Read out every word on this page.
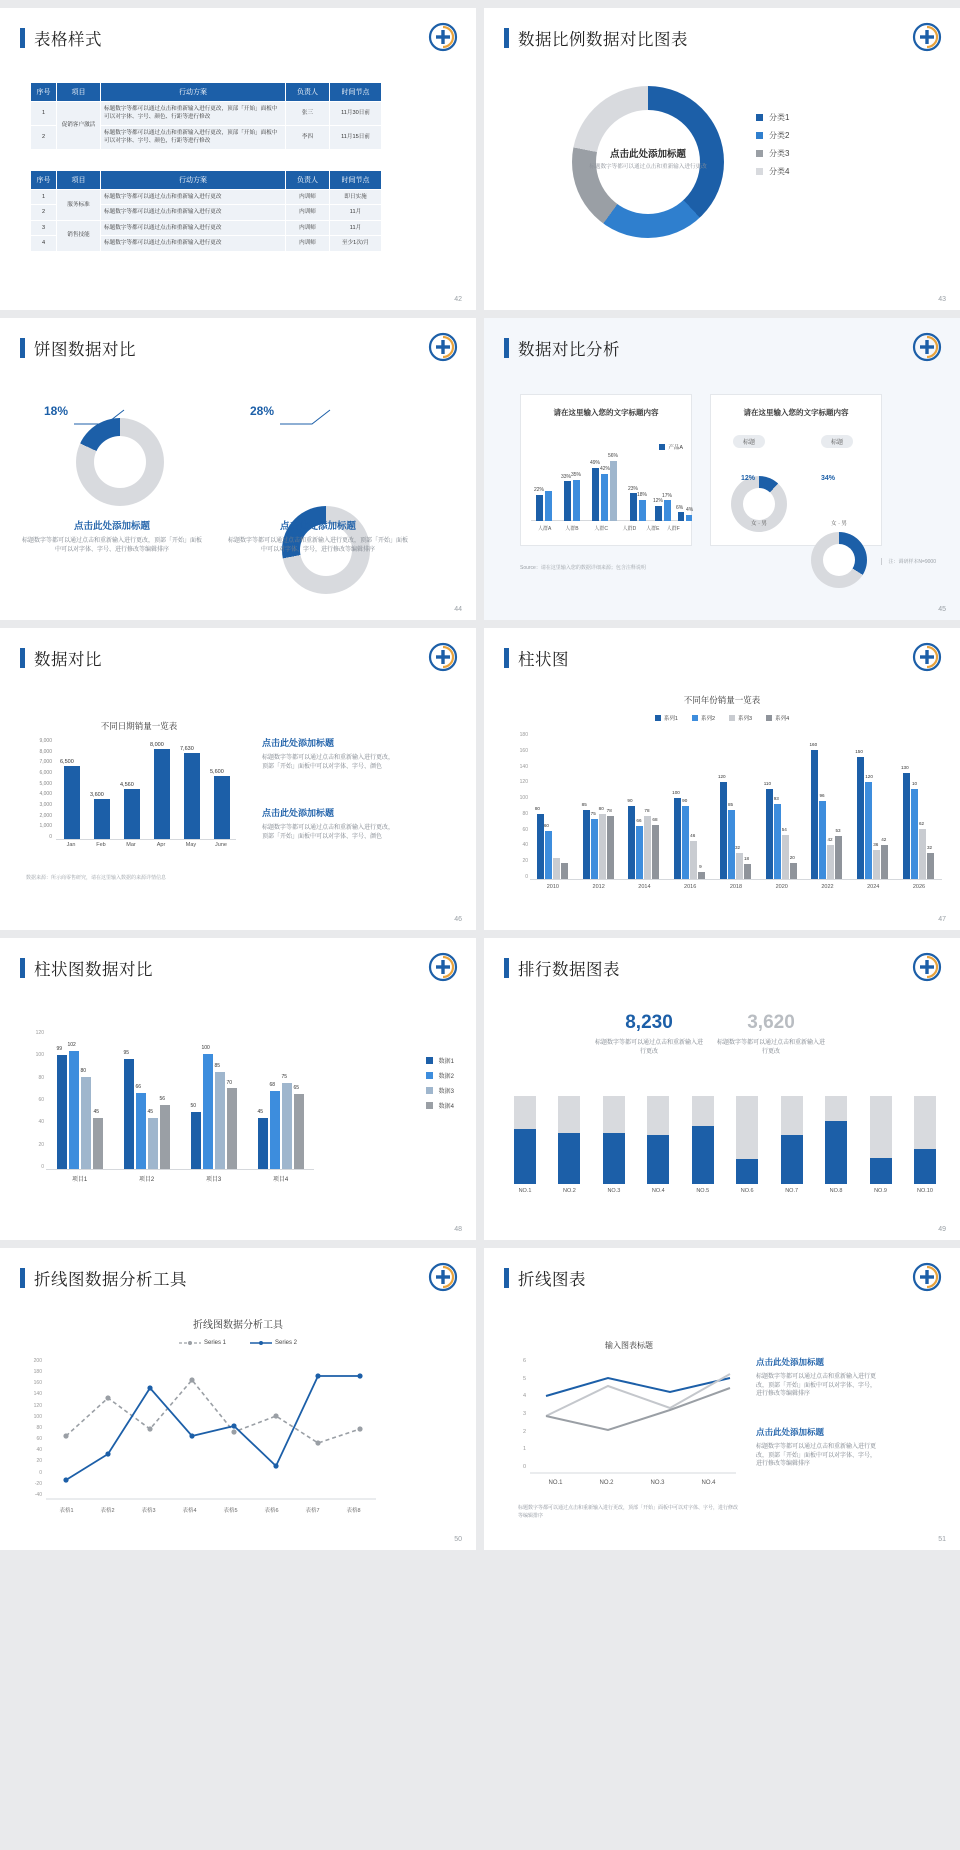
表格样式
序号	项目	行动方案	负责人	时间节点
1	促销客户激活	标题数字等都可以通过点击和重新输入进行更改，顶部「开始」面板中可以对字体、字号、颜色、行距等进行修改	张三	11月30日前
2		标题数字等都可以通过点击和重新输入进行更改，顶部「开始」面板中可以对字体、字号、颜色，行距等进行修改	李四	11月15日前
序号	项目	行动方案	负责人	时间节点
1	服务标准	标题数字等都可以通过点击和重新输入进行更改	内训师	即日实施
2		标题数字等都可以通过点击和重新输入进行更改	内训师	11月
3	销售技能	标题数字等都可以通过点击和重新输入进行更改	内训师	11月
4		标题数字等都可以通过点击和重新输入进行更改	内训师	至少1次/月
42
数据比例数据对比图表
点击此处添加标题
标题数字等都可以通过点击和重新输入进行更改
分类1
分类2
分类3
分类4
43
饼图数据对比
18%
点击此处添加标题
标题数字等都可以通过点击和重新输入进行更改，顶部「开始」面板中可以对字体、字号、进行修改等编辑排序
28%
点击此处添加标题
标题数字等都可以通过点击和重新输入进行更改，顶部「开始」面板中可以对字体、字号，进行修改等编辑排序
44
数据对比分析
请在这里输入您的文字标题内容
22%
33% 35%
49%
42%
56%
23%
18%
12%
17%
6% 4%
人群A	人群B	人群C	人群D	人群E	人群F
产品A
请在这里输入您的文字标题内容
标题	标题
12%	34%
女 · 男	女 · 男
Source：请在这里输入您的数据详细来源；包含注释说明
注：调研样本N=9000
45
数据对比
不同日期销量一览表
9,000
8,000
7,000
6,000
5,000
4,000
3,000
2,000
1,000
0
6,500
3,600
4,560
8,000
7,630
5,600
Jan	Feb	Mar	Apr	May	June
数据来源：所示商零售研究，请在这里输入数据的来源详情信息
点击此处添加标题
标题数字等都可以通过点击和重新输入进行更改，顶部「开始」面板中可以对字体、字号、颜色
点击此处添加标题
标题数字等都可以通过点击和重新输入进行更改，顶部「开始」面板中可以对字体、字号、颜色
46
柱状图
不同年份销量一览表
系列1	系列2	系列3	系列4
0
20
40
60
80
100
120
140
160
180
80
60
85
75
80 78
90
66
78
68
100
90
46
9
120
85
32
18
110
93
54
20
160
96
42
53
150
120
36
42
130
10
62
32
2010	2012	2014	2016	2018	2020	2022	2024	2026
47
柱状图数据对比
0
20
40
60
80
100
120
99
102
80
45
95
66
45
56
50
100
85
70
45
68
75
65
项目1	项目2	项目3	项目4
数据1
数据2
数据3
数据4
48
排行数据图表
8,230
标题数字等都可以通过点击和重新输入进行更改
3,620
标题数字等都可以通过点击和重新输入进行更改
NO.1	NO.2	NO.3	NO.4	NO.5	NO.6	NO.7	NO.8	NO.9	NO.10
49
折线图数据分析工具
折线图数据分析工具
Series 1	Series 2
200
180
160
140
120
100
80
60
40
20
0
-20
-40
表格1	表格2	表格3	表格4	表格5	表格6	表格7	表格8
50
折线图表
输入图表标题
6
5
4
3
2
1
0
NO.1	NO.2	NO.3	NO.4
标题数字等都可以通过点击和重新输入进行更改，顶部「开始」面板中可以对字体、字号，进行修改等编辑排序
点击此处添加标题
标题数字等都可以通过点击和重新输入进行更改，顶部「开始」面板中可以对字体、字号，进行修改等编辑排序
点击此处添加标题
标题数字等都可以通过点击和重新输入进行更改，顶部「开始」面板中可以对字体、字号，进行修改等编辑排序
51
